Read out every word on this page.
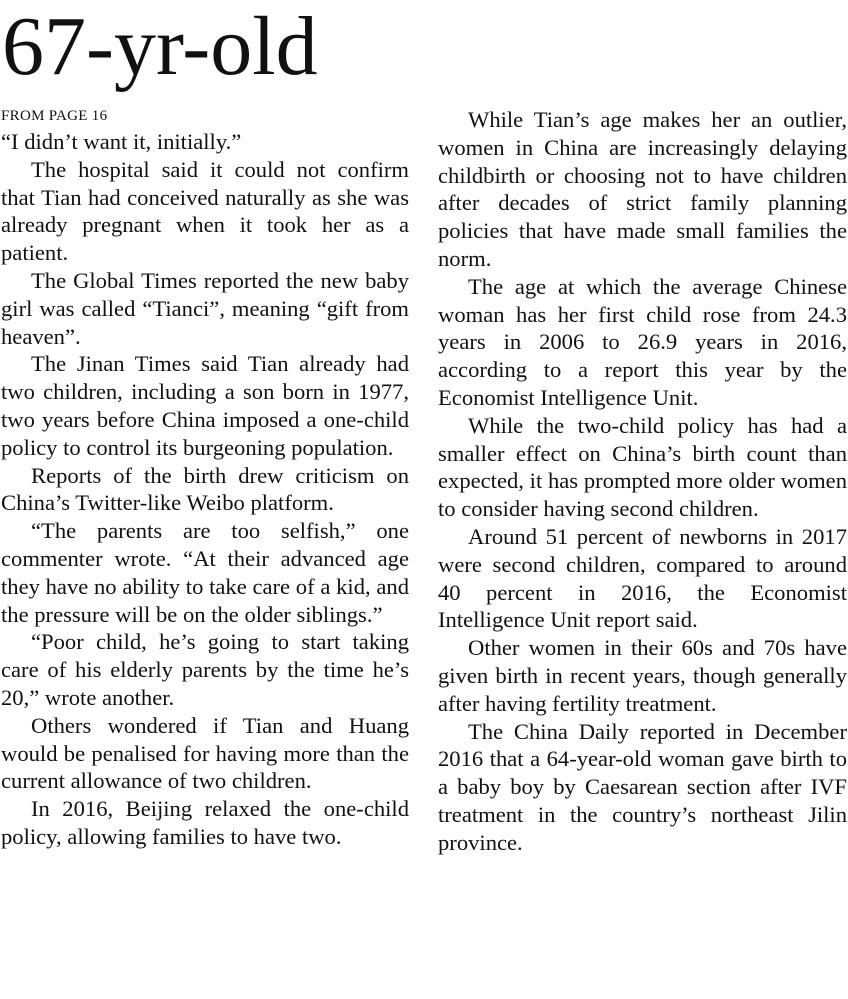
67-yr-old
FROM PAGE 16

“I didn’t want it, initially.”

The hospital said it could not confirm that Tian had conceived naturally as she was already pregnant when it took her as a patient.

The Global Times reported the new baby girl was called “Tianci”, meaning “gift from heaven”.

The Jinan Times said Tian already had two children, including a son born in 1977, two years before China imposed a one-child policy to control its burgeoning population.

Reports of the birth drew criticism on China’s Twitter-like Weibo platform.

“The parents are too selfish,” one commenter wrote. “At their advanced age they have no ability to take care of a kid, and the pressure will be on the older siblings.”

“Poor child, he’s going to start taking care of his elderly parents by the time he’s 20,” wrote another.

Others wondered if Tian and Huang would be penalised for having more than the current allowance of two children.

In 2016, Beijing relaxed the one-child policy, allowing families to have two.

While Tian’s age makes her an outlier, women in China are increasingly delaying childbirth or choosing not to have children after decades of strict family planning policies that have made small families the norm.

The age at which the average Chinese woman has her first child rose from 24.3 years in 2006 to 26.9 years in 2016, according to a report this year by the Economist Intelligence Unit.

While the two-child policy has had a smaller effect on China’s birth count than expected, it has prompted more older women to consider having second children.

Around 51 percent of newborns in 2017 were second children, compared to around 40 percent in 2016, the Economist Intelligence Unit report said.

Other women in their 60s and 70s have given birth in recent years, though generally after having fertility treatment.

The China Daily reported in December 2016 that a 64-year-old woman gave birth to a baby boy by Caesarean section after IVF treatment in the country’s northeast Jilin province.
